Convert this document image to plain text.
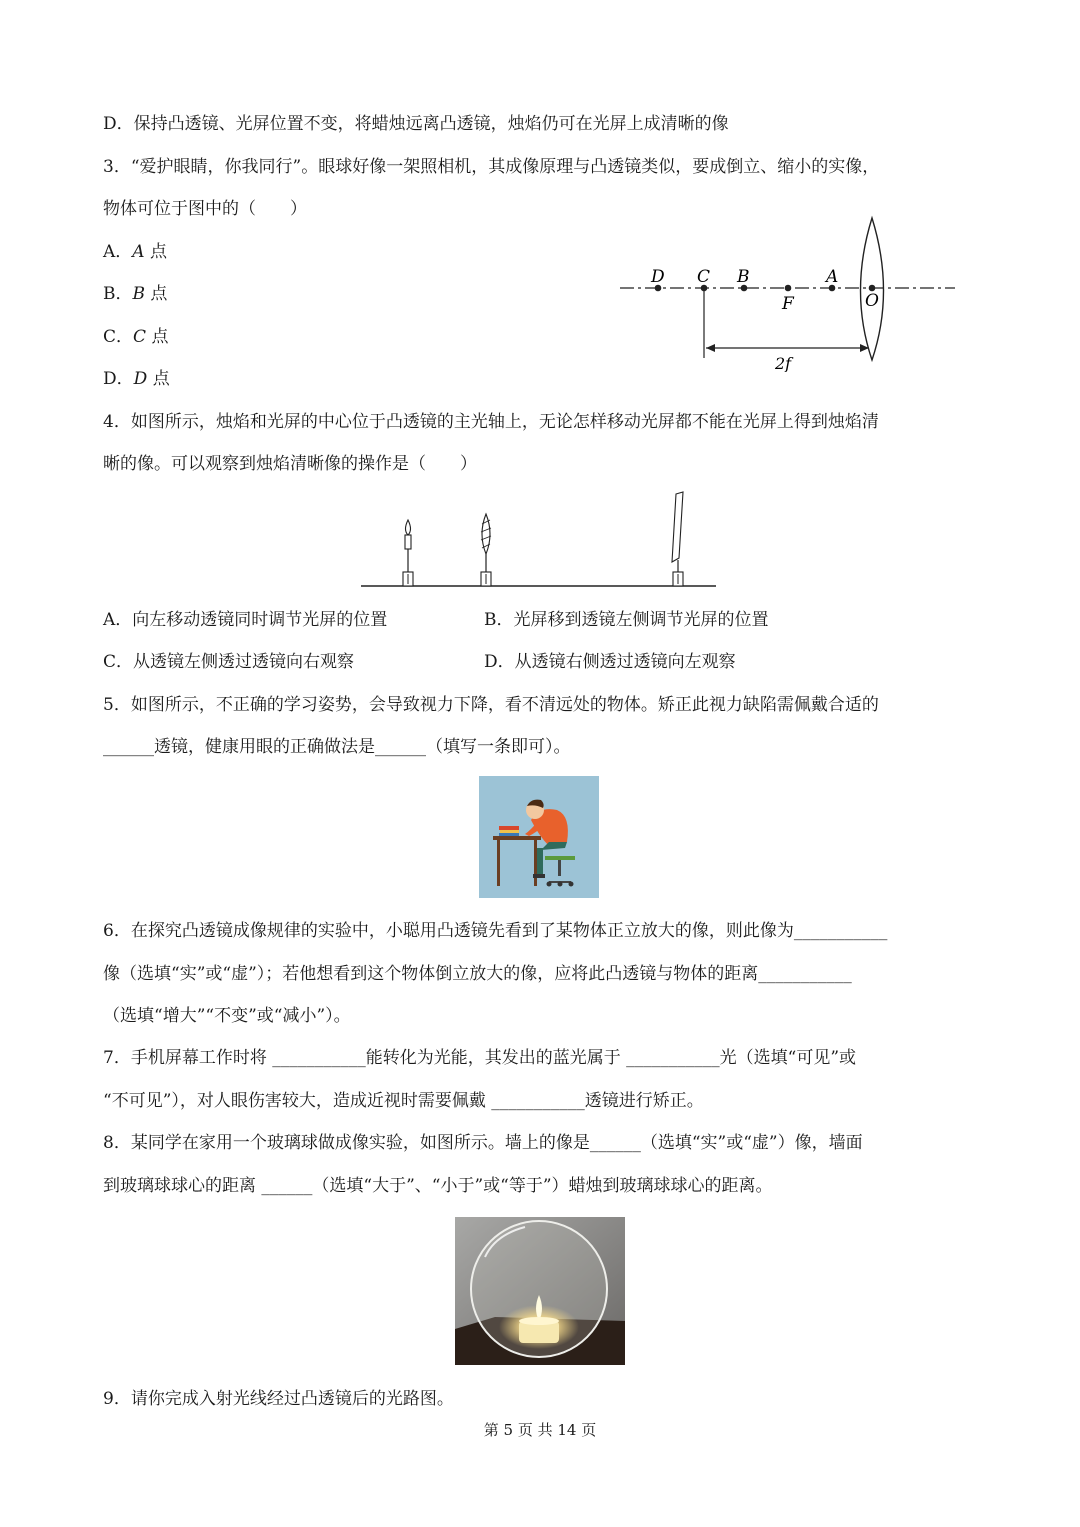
D．保持凸透镜、光屏位置不变，将蜡烛远离凸透镜，烛焰仍可在光屏上成清晰的像
3．“爱护眼睛，你我同行”。眼球好像一架照相机，其成像原理与凸透镜类似，要成倒立、缩小的实像，
物体可位于图中的（　　）
A．A 点
B．B 点
C．C 点
D．D 点
D C B
F
A
O
2f
4．如图所示，烛焰和光屏的中心位于凸透镜的主光轴上，无论怎样移动光屏都不能在光屏上得到烛焰清
晰的像。可以观察到烛焰清晰像的操作是（　　）
A．向左移动透镜同时调节光屏的位置	B．光屏移到透镜左侧调节光屏的位置
C．从透镜左侧透过透镜向右观察	D．从透镜右侧透过透镜向左观察
5．如图所示，不正确的学习姿势，会导致视力下降，看不清远处的物体。矫正此视力缺陷需佩戴合适的
______透镜，健康用眼的正确做法是______（填写一条即可）。
6．在探究凸透镜成像规律的实验中，小聪用凸透镜先看到了某物体正立放大的像，则此像为___________
像（选填“实”或“虚”）；若他想看到这个物体倒立放大的像，应将此凸透镜与物体的距离___________
（选填“增大”“不变”或“减小”）。
7．手机屏幕工作时将 ___________能转化为光能，其发出的蓝光属于 ___________光（选填“可见”或
“不可见”），对人眼伤害较大，造成近视时需要佩戴 ___________透镜进行矫正。
8．某同学在家用一个玻璃球做成像实验，如图所示。墙上的像是______（选填“实”或“虚”）像，墙面
到玻璃球球心的距离 ______（选填“大于”、“小于”或“等于”）蜡烛到玻璃球球心的距离。
9．请你完成入射光线经过凸透镜后的光路图。
第 5 页 共 14 页
